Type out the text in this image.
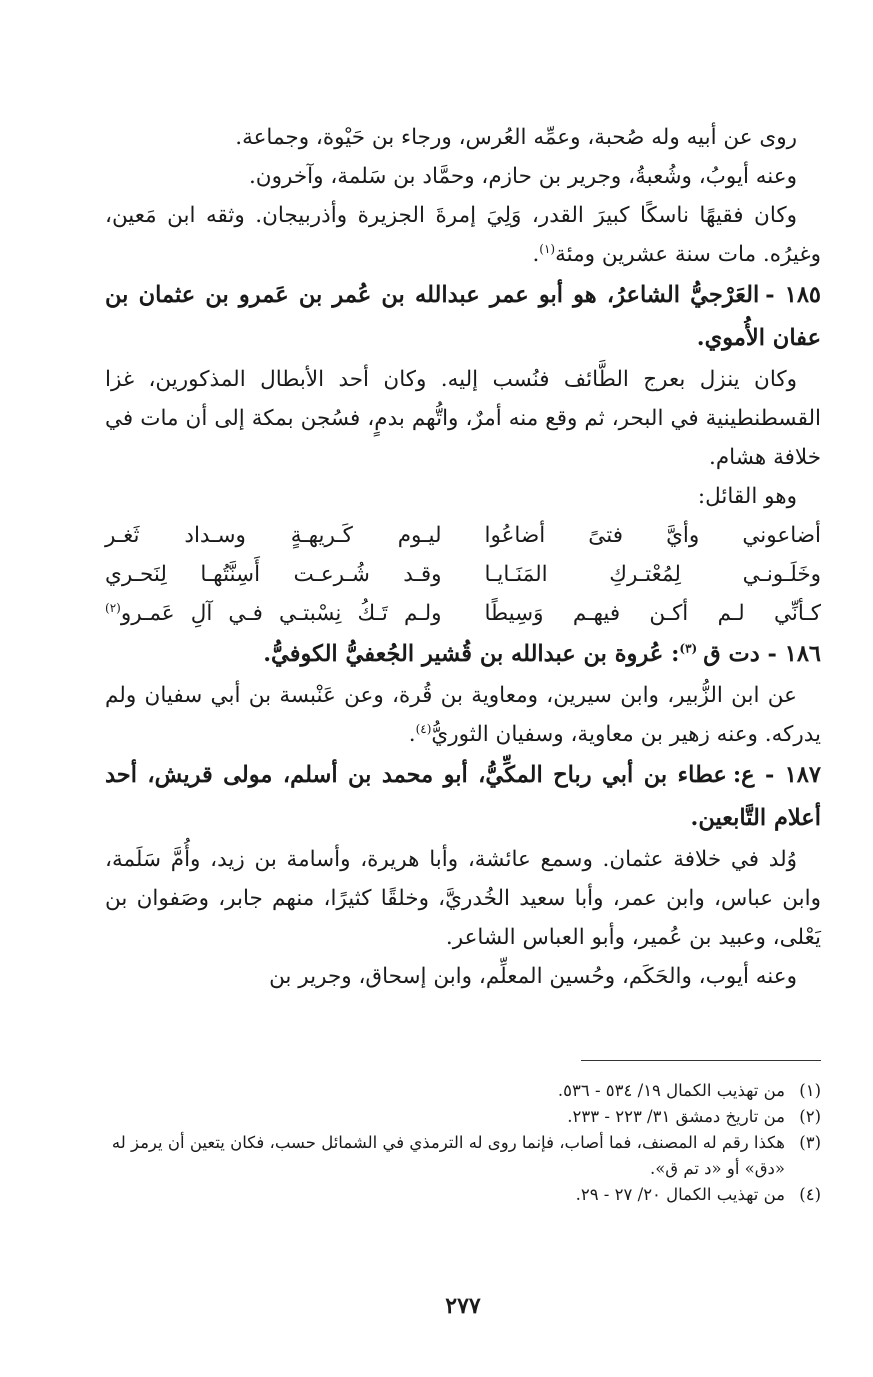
روى عن أبيه وله صُحبة، وعمِّه العُرس، ورجاء بن حَيْوة، وجماعة.

وعنه أيوبُ، وشُعبةُ، وجرير بن حازم، وحمَّاد بن سَلمة، وآخرون.

وكان فقيهًا ناسكًا كبيرَ القدر، وَلِيَ إمرةَ الجزيرة وأذربيجان. وثقه ابن مَعين، وغيرُه. مات سنة عشرين ومئة$^{(١)}$.

١٨٥ -العَرْجيُّ الشاعرُ، هو أبو عمر عبدالله بن عُمر بن عَمرو بن عثمان بن عفان الأُموي.

وكان ينزل بعرج الطَّائف فنُسب إليه. وكان أحد الأبطال المذكورين، غزا القسطنطينية في البحر، ثم وقع منه أمرٌ، واتُّهم بدمٍ، فسُجن بمكة إلى أن مات في خلافة هشام.

وهو القائل:

أضاعوني وأيَّ فتىً أضاعُوا
ليـوم كَـريهـةٍ وسـداد ثَغـر
وخَلَـونـي لِمُعْتـركِ المَنَـايـا
وقـد شُـرعـت أَسِنَّتُهـا لِنَحـري
كـأنِّي لـم أكـن فيهـم وَسِيطًا
ولـم تَـكُ نِسْبتـي فـي آلِ عَمـرو$^{(٢)}$

١٨٦ - دت ق$^{(٣)}$: عُروة بن عبدالله بن قُشير الجُعفيُّ الكوفيُّ.

عن ابن الزُّبير، وابن سيرين، ومعاوية بن قُرة، وعن عَنْبسة بن أبي سفيان ولم يدركه. وعنه زهير بن معاوية، وسفيان الثوريُّ$^{(٤)}$.

١٨٧ - ع:عطاء بن أبي رباح المكِّيُّ، أبو محمد بن أسلم، مولى قريش، أحد أعلام التَّابعين.

وُلد في خلافة عثمان. وسمع عائشة، وأبا هريرة، وأسامة بن زيد، وأُمَّ سَلَمة، وابن عباس، وابن عمر، وأبا سعيد الخُدريَّ، وخلقًا كثيرًا، منهم جابر، وصَفوان بن يَعْلى، وعبيد بن عُمير، وأبو العباس الشاعر.

وعنه أيوب، والحَكَم، وحُسين المعلِّم، وابن إسحاق، وجرير بن

(١)
من تهذيب الكمال ١٩/ ٥٣٤ - ٥٣٦.
(٢)
من تاريخ دمشق ٣١/ ٢٢٣ - ٢٣٣.
(٣)
هكذا رقم له المصنف، فما أصاب، فإنما روى له الترمذي في الشمائل حسب، فكان يتعين أن يرمز له «دق» أو «د تم ق».
(٤)
من تهذيب الكمال ٢٠/ ٢٧ - ٢٩.
٢٧٧
